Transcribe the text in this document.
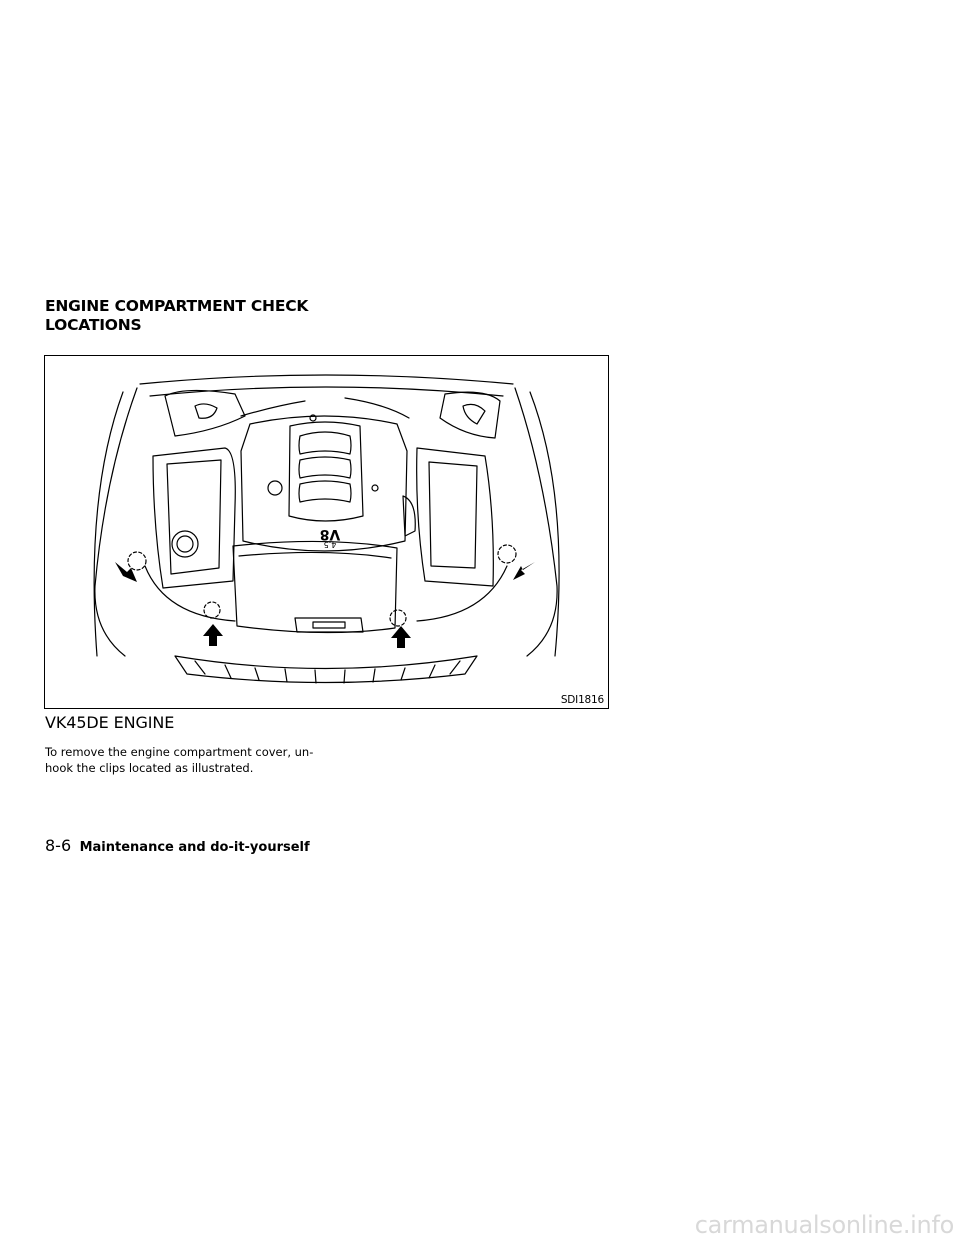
ENGINE COMPARTMENT CHECK
LOCATIONS
V8
4.5
SDI1816
VK45DE ENGINE

To remove the engine compartment cover, un-
hook the clips located as illustrated.

8-6 Maintenance and do-it-yourself
carmanualsonline.info
